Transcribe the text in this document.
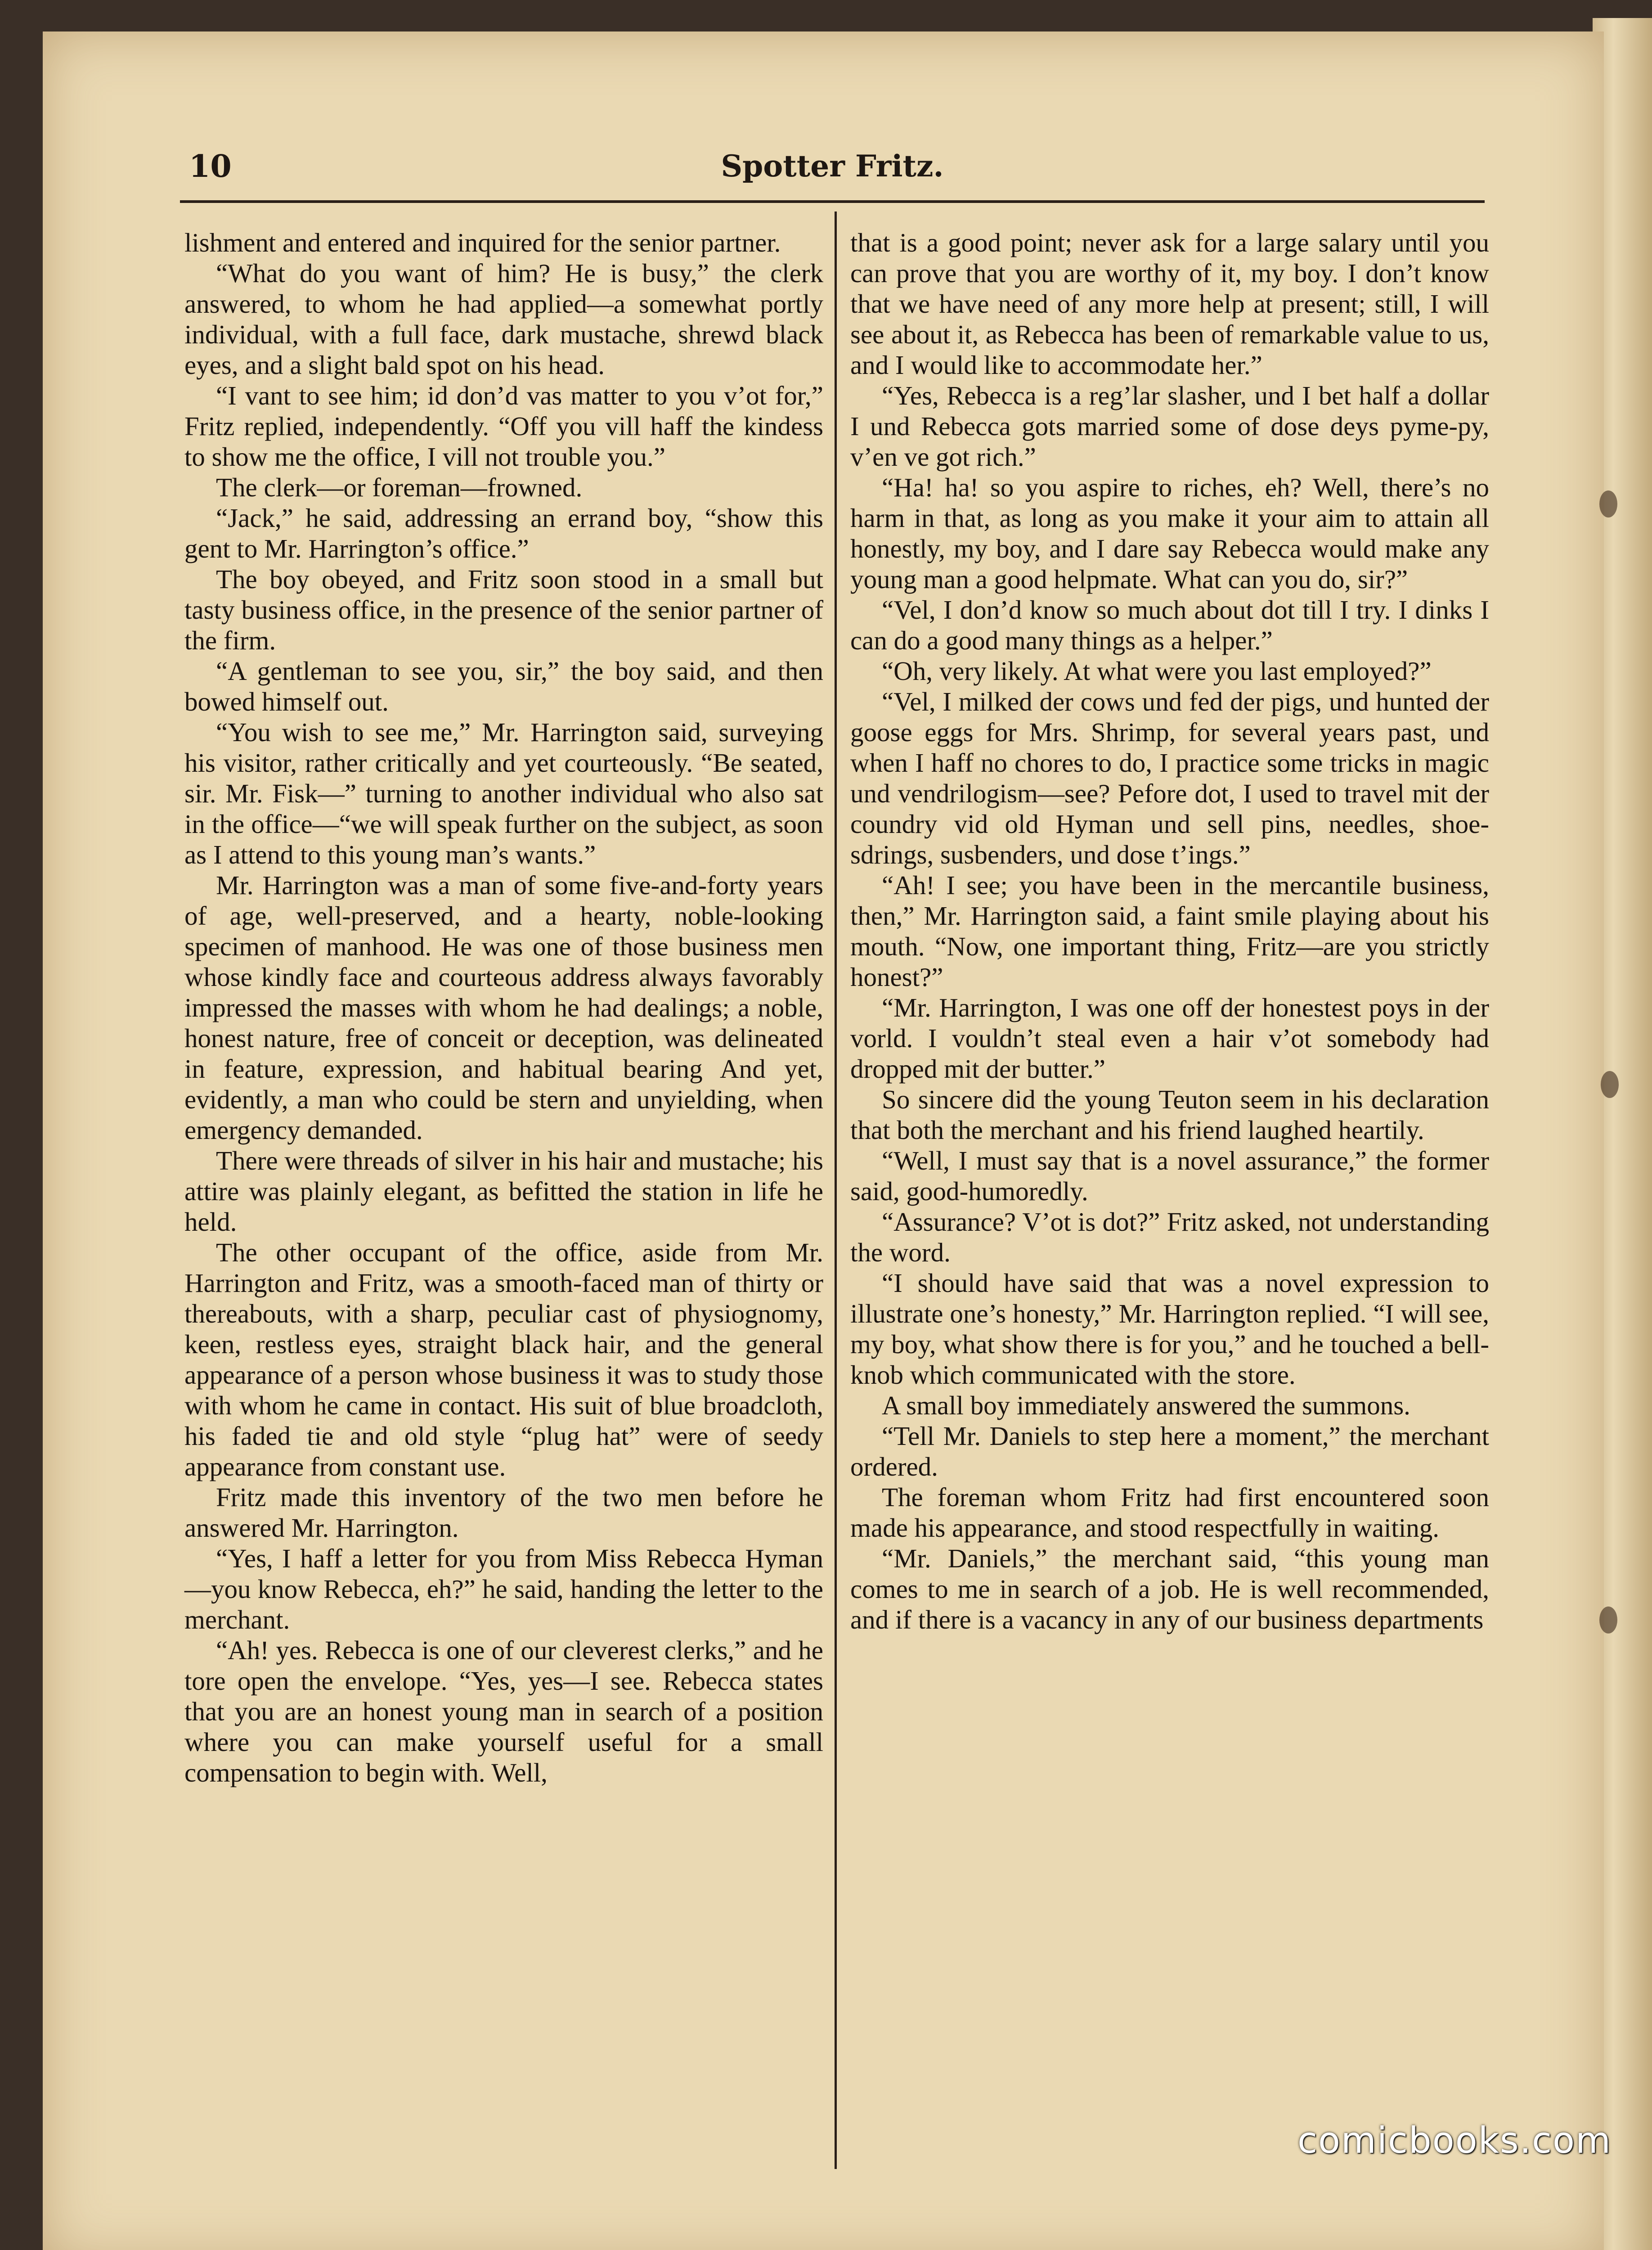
10	Spotter Fritz.

lishment and entered and inquired for the senior partner.

“What do you want of him? He is busy,” the clerk answered, to whom he had applied—a somewhat portly individual, with a full face, dark mustache, shrewd black eyes, and a slight bald spot on his head.

“I vant to see him; id don’d vas matter to you v’ot for,” Fritz replied, independently. “Off you vill haff the kindess to show me the office, I vill not trouble you.”

The clerk—or foreman—frowned.

“Jack,” he said, addressing an errand boy, “show this gent to Mr. Harrington’s office.”

The boy obeyed, and Fritz soon stood in a small but tasty business office, in the presence of the senior partner of the firm.

“A gentleman to see you, sir,” the boy said, and then bowed himself out.

“You wish to see me,” Mr. Harrington said, surveying his visitor, rather critically and yet courteously. “Be seated, sir. Mr. Fisk—” turning to another individual who also sat in the office—“we will speak further on the subject, as soon as I attend to this young man’s wants.”

Mr. Harrington was a man of some five-and-forty years of age, well-preserved, and a hearty, noble-looking specimen of manhood. He was one of those business men whose kindly face and courteous address always favorably impressed the masses with whom he had dealings; a noble, honest nature, free of conceit or deception, was delineated in feature, expression, and habitual bearing And yet, evidently, a man who could be stern and unyielding, when emergency demanded.

There were threads of silver in his hair and mustache; his attire was plainly elegant, as befitted the station in life he held.

The other occupant of the office, aside from Mr. Harrington and Fritz, was a smooth-faced man of thirty or thereabouts, with a sharp, peculiar cast of physiognomy, keen, restless eyes, straight black hair, and the general appearance of a person whose business it was to study those with whom he came in contact. His suit of blue broadcloth, his faded tie and old style “plug hat” were of seedy appearance from constant use.

Fritz made this inventory of the two men before he answered Mr. Harrington.

“Yes, I haff a letter for you from Miss Rebecca Hyman—you know Rebecca, eh?” he said, handing the letter to the merchant.

“Ah! yes. Rebecca is one of our cleverest clerks,” and he tore open the envelope. “Yes, yes—I see. Rebecca states that you are an honest young man in search of a position where you can make yourself useful for a small compensation to begin with. Well,

that is a good point; never ask for a large salary until you can prove that you are worthy of it, my boy. I don’t know that we have need of any more help at present; still, I will see about it, as Rebecca has been of remarkable value to us, and I would like to accommodate her.”

“Yes, Rebecca is a reg’lar slasher, und I bet half a dollar I und Rebecca gots married some of dose deys pyme-py, v’en ve got rich.”

“Ha! ha! so you aspire to riches, eh? Well, there’s no harm in that, as long as you make it your aim to attain all honestly, my boy, and I dare say Rebecca would make any young man a good helpmate. What can you do, sir?”

“Vel, I don’d know so much about dot till I try. I dinks I can do a good many things as a helper.”

“Oh, very likely. At what were you last employed?”

“Vel, I milked der cows und fed der pigs, und hunted der goose eggs for Mrs. Shrimp, for several years past, und when I haff no chores to do, I practice some tricks in magic und vendrilogism—see? Pefore dot, I used to travel mit der coundry vid old Hyman und sell pins, needles, shoe-sdrings, susbenders, und dose t’ings.”

“Ah! I see; you have been in the mercantile business, then,” Mr. Harrington said, a faint smile playing about his mouth. “Now, one important thing, Fritz—are you strictly honest?”

“Mr. Harrington, I was one off der honestest poys in der vorld. I vouldn’t steal even a hair v’ot somebody had dropped mit der butter.”

So sincere did the young Teuton seem in his declaration that both the merchant and his friend laughed heartily.

“Well, I must say that is a novel assurance,” the former said, good-humoredly.

“Assurance? V’ot is dot?” Fritz asked, not understanding the word.

“I should have said that was a novel expression to illustrate one’s honesty,” Mr. Harrington replied. “I will see, my boy, what show there is for you,” and he touched a bell-knob which communicated with the store.

A small boy immediately answered the summons.

“Tell Mr. Daniels to step here a moment,” the merchant ordered.

The foreman whom Fritz had first encountered soon made his appearance, and stood respectfully in waiting.

“Mr. Daniels,” the merchant said, “this young man comes to me in search of a job. He is well recommended, and if there is a vacancy in any of our business departments

comicbooks.com
